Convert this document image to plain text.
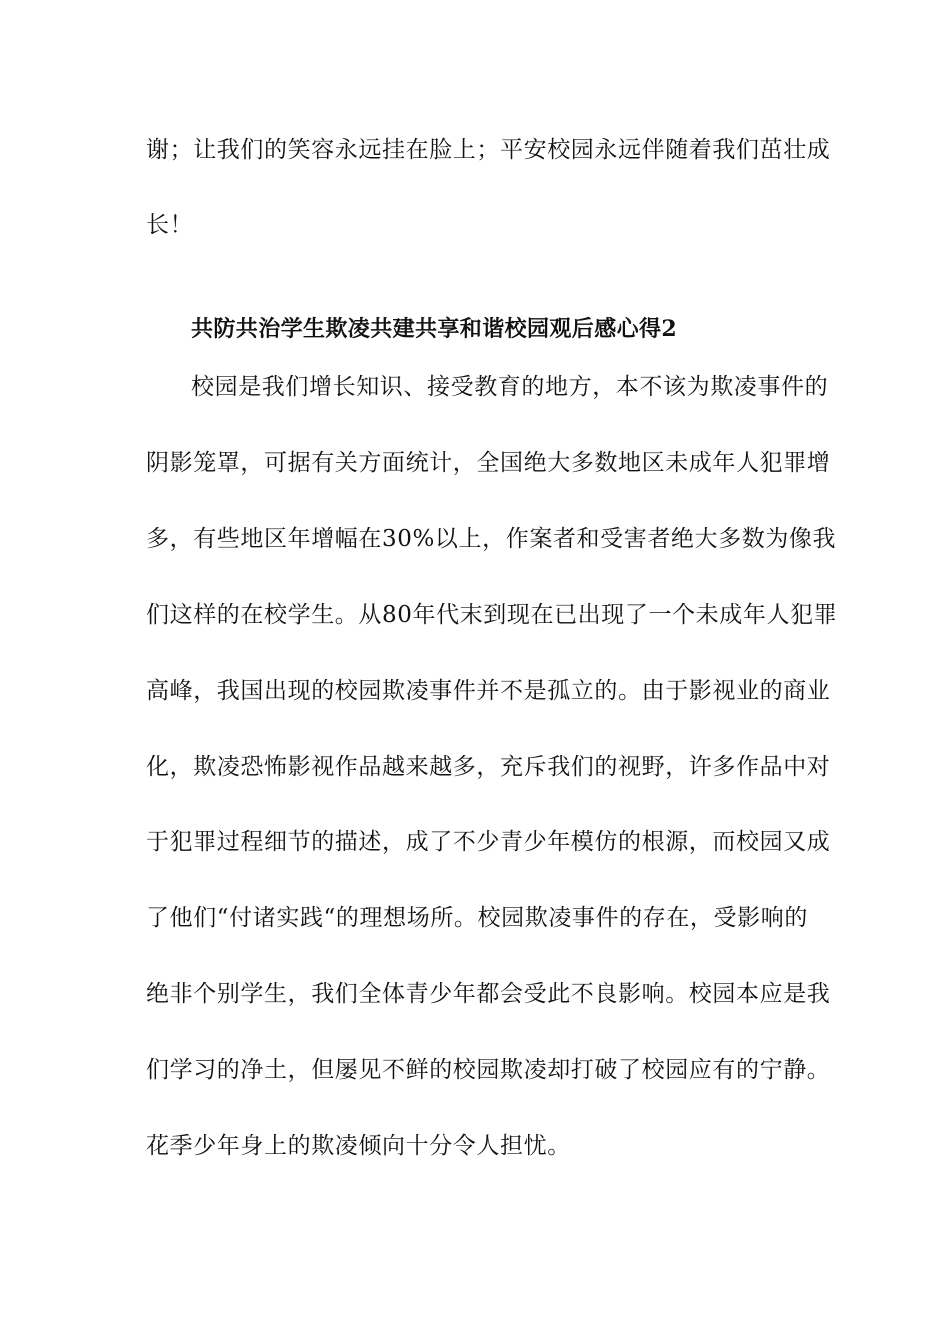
谢；让我们的笑容永远挂在脸上；平安校园永远伴随着我们茁壮成
长！
共防共治学生欺凌共建共享和谐校园观后感心得2
校园是我们增长知识、接受教育的地方，本不该为欺凌事件的
阴影笼罩，可据有关方面统计，全国绝大多数地区未成年人犯罪增
多，有些地区年增幅在30%以上，作案者和受害者绝大多数为像我
们这样的在校学生。从80年代末到现在已出现了一个未成年人犯罪
高峰，我国出现的校园欺凌事件并不是孤立的。由于影视业的商业
化，欺凌恐怖影视作品越来越多，充斥我们的视野，许多作品中对
于犯罪过程细节的描述，成了不少青少年模仿的根源，而校园又成
了他们“付诸实践“的理想场所。校园欺凌事件的存在，受影响的
绝非个别学生，我们全体青少年都会受此不良影响。校园本应是我
们学习的净土，但屡见不鲜的校园欺凌却打破了校园应有的宁静。
花季少年身上的欺凌倾向十分令人担忧。
